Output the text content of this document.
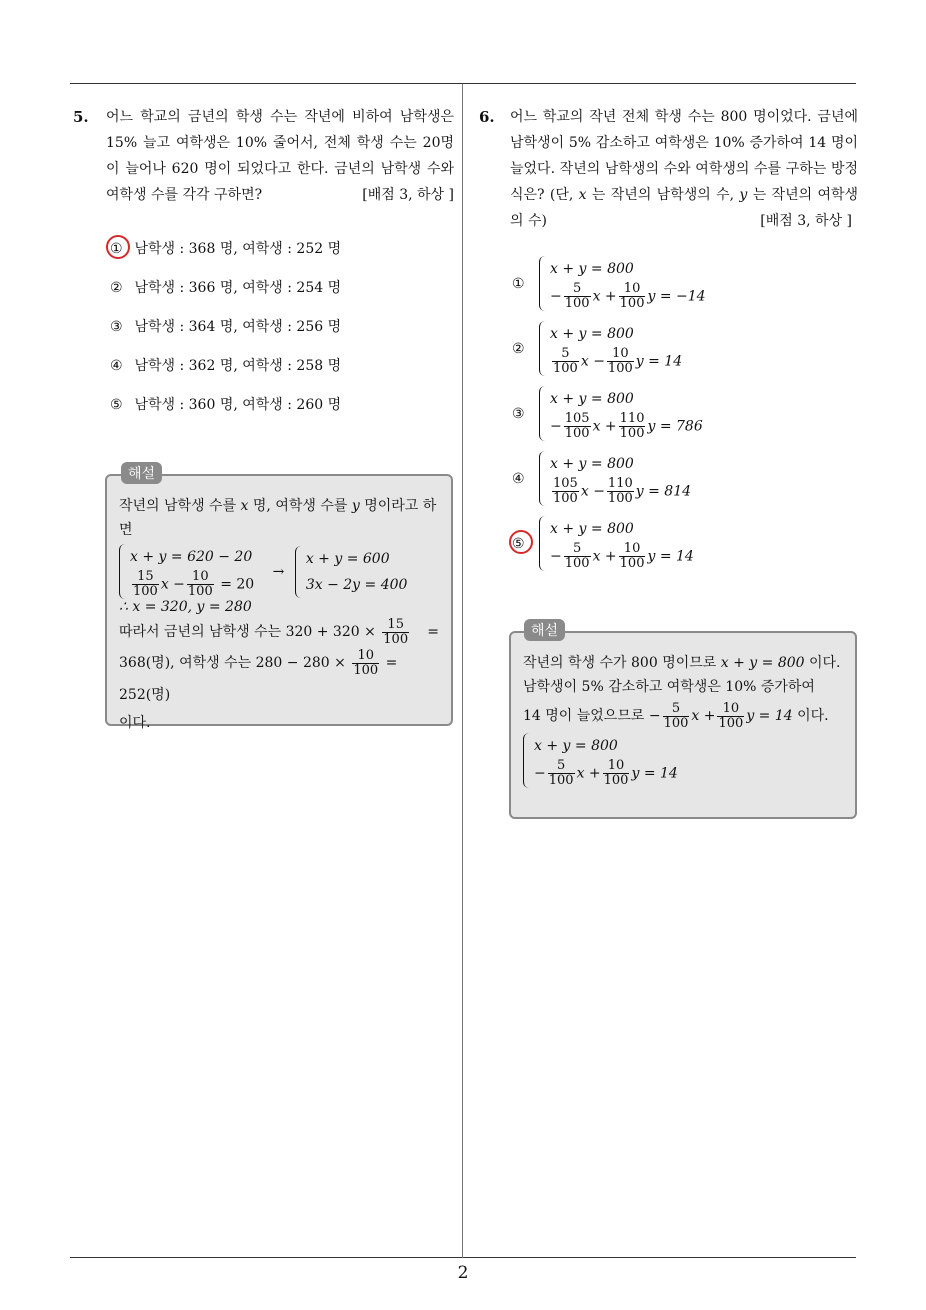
5. 어느 학교의 금년의 학생 수는 작년에 비하여 남학생은 15% 늘고 여학생은 10% 줄어서, 전체 학생 수는 20명이 늘어나 620 명이 되었다고 한다. 금년의 남학생 수와 여학생 수를 각각 구하면?	[배점 3, 하상 ]
① 남학생 : 368 명, 여학생 : 252 명
② 남학생 : 366 명, 여학생 : 254 명
③ 남학생 : 364 명, 여학생 : 256 명
④ 남학생 : 362 명, 여학생 : 258 명
⑤ 남학생 : 360 명, 여학생 : 260 명
작년의 남학생 수를 x 명, 여학생 수를 y 명이라고 하면
x + y = 620 − 20
$\frac{15}{100}$ $x - \frac{10}{100} = 20$
→
x + y = 600
3x − 2y = 400
∴ x = 320, y = 280
따라서 금년의 남학생 수는 $320 + 320 \times \frac{15}{100}$ =
368(명), 여학생 수는 $280 - 280 \times \frac{10}{100} = 252$(명)
이다.
해설
6. 어느 학교의 작년 전체 학생 수는 800 명이었다. 금년에 남학생이 5% 감소하고 여학생은 10% 증가하여 14 명이 늘었다. 작년의 남학생의 수와 여학생의 수를 구하는 방정식은? (단, x 는 작년의 남학생의 수, y 는 작년의 여학생의 수)	[배점 3, 하상 ]
①
x + y = 800
− $\frac{5}{100}$ $x + \frac{10}{100}$ y = −14
②
x + y = 800
$\frac{5}{100}$ $x - \frac{10}{100}$ y = 14
③
x + y = 800
− $\frac{105}{100}$ $x + \frac{110}{100}$ y = 786
④
x + y = 800
$\frac{105}{100}$ $x - \frac{110}{100}$ y = 814
⑤
x + y = 800
− $\frac{5}{100}$ $x + \frac{10}{100}$ y = 14
작년의 학생 수가 800 명이므로 x + y = 800 이다.
남학생이 5% 감소하고 여학생은 10% 증가하여
14 명이 늘었으므로 − $\frac{5}{100}$ $x + \frac{10}{100}$ y = 14 이다.
x + y = 800
− $\frac{5}{100}$ $x + \frac{10}{100}$ y = 14
해설
2
